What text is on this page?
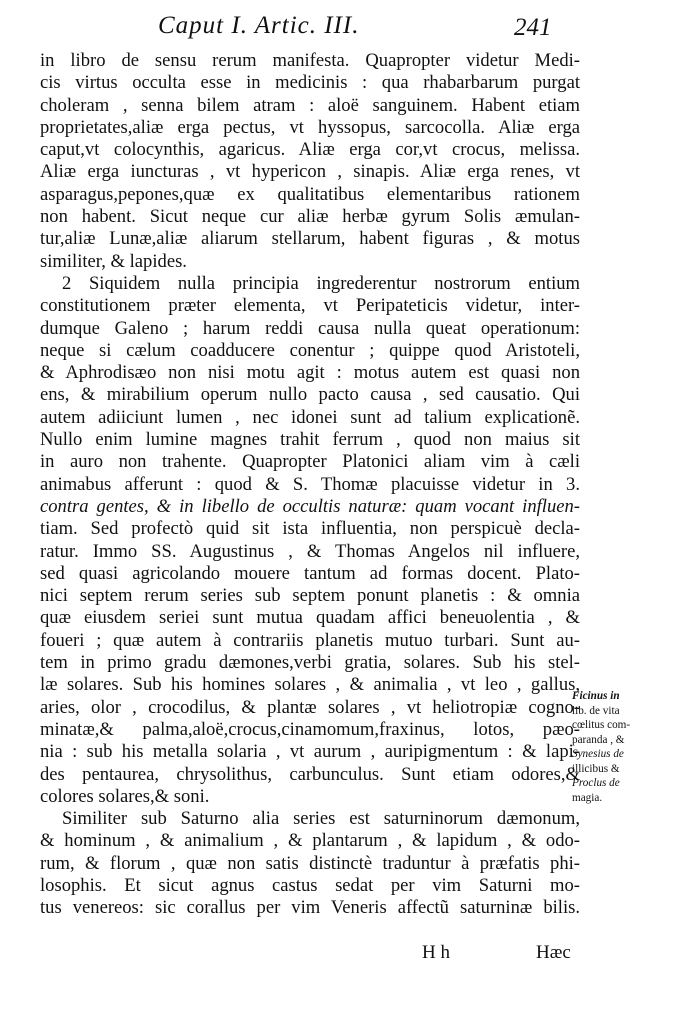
Caput I. Artic. III.	241
in libro de sensu rerum manifesta. Quapropter videtur Medi-
cis virtus occulta esse in medicinis : qua rhabarbarum purgat
choleram , senna bilem atram : aloë sanguinem. Habent etiam
proprietates,aliæ erga pectus, vt hyssopus, sarcocolla. Aliæ erga
caput,vt colocynthis, agaricus. Aliæ erga cor,vt crocus, melissa.
Aliæ erga iuncturas , vt hypericon , sinapis. Aliæ erga renes, vt
asparagus,pepones,quæ ex qualitatibus elementaribus rationem
non habent. Sicut neque cur aliæ herbæ gyrum Solis æmulan-
tur,aliæ Lunæ,aliæ aliarum stellarum, habent figuras , & motus
similiter, & lapides.
2 Siquidem nulla principia ingrederentur nostrorum entium
constitutionem præter elementa, vt Peripateticis videtur, inter-
dumque Galeno ; harum reddi causa nulla queat operationum:
neque si cælum coadducere conentur ; quippe quod Aristoteli,
& Aphrodisæo non nisi motu agit : motus autem est quasi non
ens, & mirabilium operum nullo pacto causa , sed causatio. Qui
autem adiiciunt lumen , nec idonei sunt ad talium explicationẽ.
Nullo enim lumine magnes trahit ferrum , quod non maius sit
in auro non trahente. Quapropter Platonici aliam vim à cæli
animabus afferunt : quod & S. Thomæ placuisse videtur in 3.
contra gentes, & in libello de occultis naturæ: quam vocant influen-
tiam. Sed profectò quid sit ista influentia, non perspicuè decla-
ratur. Immo SS. Augustinus , & Thomas Angelos nil influere,
sed quasi agricolando mouere tantum ad formas docent. Plato-
nici septem rerum series sub septem ponunt planetis : & omnia
quæ eiusdem seriei sunt mutua quadam affici beneuolentia , &
foueri ; quæ autem à contrariis planetis mutuo turbari. Sunt au-
tem in primo gradu dæmones,verbi gratia, solares. Sub his stel-
læ solares. Sub his homines solares , & animalia , vt leo , gallus,
aries, olor , crocodilus, & plantæ solares , vt heliotropiæ cogno-
minatæ,& palma,aloë,crocus,cinamomum,fraxinus, lotos, pæo-
nia : sub his metalla solaria , vt aurum , auripigmentum : & lapi-
des pentaurea, chrysolithus, carbunculus. Sunt etiam odores,&
colores solares,& soni.
Similiter sub Saturno alia series est saturninorum dæmonum,
& hominum , & animalium , & plantarum , & lapidum , & odo-
rum, & florum , quæ non satis distinctè traduntur à præfatis phi-
losophis. Et sicut agnus castus sedat per vim Saturni mo-
tus venereos: sic corallus per vim Veneris affectũ saturninæ bilis.
Ficinus in
lib. de vita
cœlitus com-
paranda , &
Synesius de
illicibus &
Proclus de
magia.
H h	Hæc
